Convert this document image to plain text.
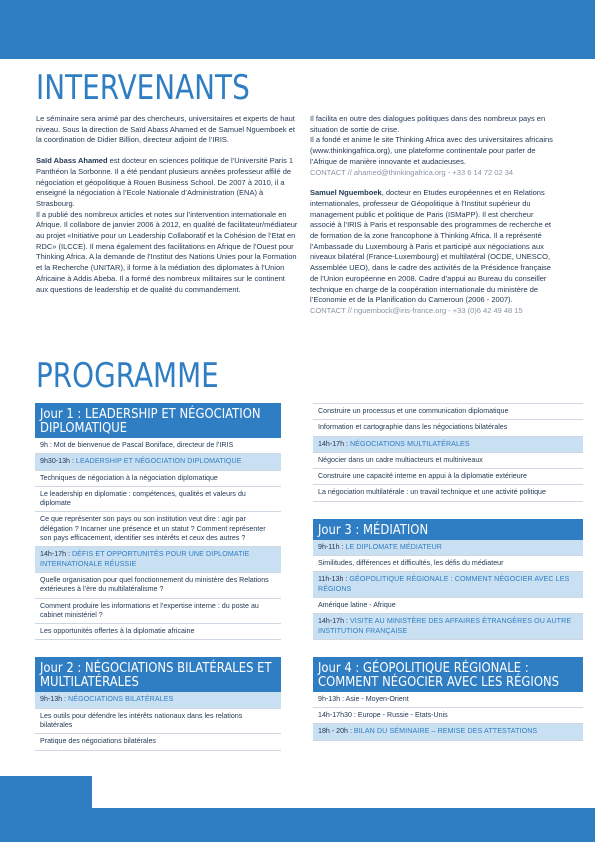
INTERVENANTS

Le séminaire sera animé par des chercheurs, universitaires et experts de haut niveau. Sous la direction de Saïd Abass Ahamed et de Samuel Nguemboek et la coordination de Didier Billion, directeur adjoint de l’IRIS.

Saïd Abass Ahamed est docteur en sciences politique de l’Université Paris 1 Panthéon la Sorbonne. Il a été pendant plusieurs années professeur affilé de négociation et géopolitique à Rouen Business School. De 2007 à 2010, il a enseigné la négociation à l’Ecole Nationale d’Administration (ENA) à Strasbourg.

Il a publié des nombreux articles et notes sur l’intervention internationale en Afrique. Il collabore de janvier 2006 à 2012, en qualité de facilitateur/médiateur au projet «Initiative pour un Leadership Collaboratif et la Cohésion de l’Etat en RDC» (ILCCE). Il mena également des facilitations en Afrique de l’Ouest pour Thinking Africa. A la demande de l’Institut des Nations Unies pour la Formation et la Recherche (UNITAR), il forme à la médiation des diplomates à l’Union Africaine à Addis Abeba. Il a formé des nombreux militaires sur le continent aux questions de leadership et de qualité du commandement.

Il facilita en outre des dialogues politiques dans des nombreux pays en situation de sortie de crise.

Il a fondé et anime le site Thinking Africa avec des universitaires africains (www.thinkingafrica.org), une plateforme continentale pour parler de l’Afrique de manière innovante et audacieuses.

CONTACT // ahamed@thinkingafrica.org - +33 6 14 72 02 34

Samuel Nguemboek, docteur en Etudes européennes et en Relations internationales, professeur de Géopolitique à l’Institut supérieur du management public et politique de Paris (ISMaPP). Il est chercheur associé à l’IRIS à Paris et responsable des programmes de recherche et de formation de la zone francophone à Thinking Africa. Il a représenté l’Ambassade du Luxembourg à Paris et participé aux négociations aux niveaux bilatéral (France-Luxembourg) et multilatéral (OCDE, UNESCO, Assemblée UEO), dans le cadre des activités de la Présidence française de l’Union européenne en 2008. Cadre d’appui au Bureau du conseiller technique en charge de la coopération internationale du ministère de l’Economie et de la Planification du Cameroun (2006 - 2007).

CONTACT // nguembock@iris-france.org - +33 (0)6 42 49 48 15

PROGRAMME
Jour 1 : LEADERSHIP ET NÉGOCIATION DIPLOMATIQUE
9h : Mot de bienvenue de Pascal Boniface, directeur de l’IRIS
9h30-13h : LEADERSHIP ET NÉGOCIATION DIPLOMATIQUE
Techniques de négociation à la négociation diplomatique
Le leadership en diplomatie : compétences, qualités et valeurs du diplomate
Ce que représenter son pays ou son institution veut dire : agir par délégation ? Incarner une présence et un statut ? Comment représenter son pays efficacement, identifier ses intérêts et ceux des autres ?
14h-17h : DÉFIS ET OPPORTUNITÉS POUR UNE DIPLOMATIE INTERNATIONALE RÉUSSIE
Quelle organisation pour quel fonctionnement du ministère des Relations extérieures à l’ère du multilatéralisme ?
Comment produire les informations et l’expertise interne : du poste au cabinet ministériel ?
Les opportunités offertes à la diplomatie africaine
Jour 2 : NÉGOCIATIONS BILATÉRALES ET MULTILATÉRALES
9h-13h : NÉGOCIATIONS BILATÉRALES
Les outils pour défendre les intérêts nationaux dans les relations bilatérales
Pratique des négociations bilatérales
Construire un processus et une communication diplomatique
Information et cartographie dans les négociations bilatérales
14h-17h : NÉGOCIATIONS MULTILATÉRALES
Négocier dans un cadre multiacteurs et multiniveaux
Construire une capacité interne en appui à la diplomatie extérieure
La négociation multilatérale : un travail technique et une activité politique
Jour 3 : MÉDIATION
9h-11h : LE DIPLOMATE MÉDIATEUR
Similitudes, différences et difficultés, les défis du médiateur
11h-13h : GÉOPOLITIQUE RÉGIONALE : COMMENT NÉGOCIER AVEC LES RÉGIONS
Amérique latine - Afrique
14h-17h : VISITE AU MINISTÈRE DES AFFAIRES ÉTRANGÈRES OU AUTRE INSTITUTION FRANÇAISE
Jour 4 : GÉOPOLITIQUE RÉGIONALE : COMMENT NÉGOCIER AVEC LES RÉGIONS
9h-13h : Asie - Moyen-Orient
14h-17h30 : Europe - Russie - Etats-Unis
18h - 20h : BILAN DU SÉMINAIRE – REMISE DES ATTESTATIONS
